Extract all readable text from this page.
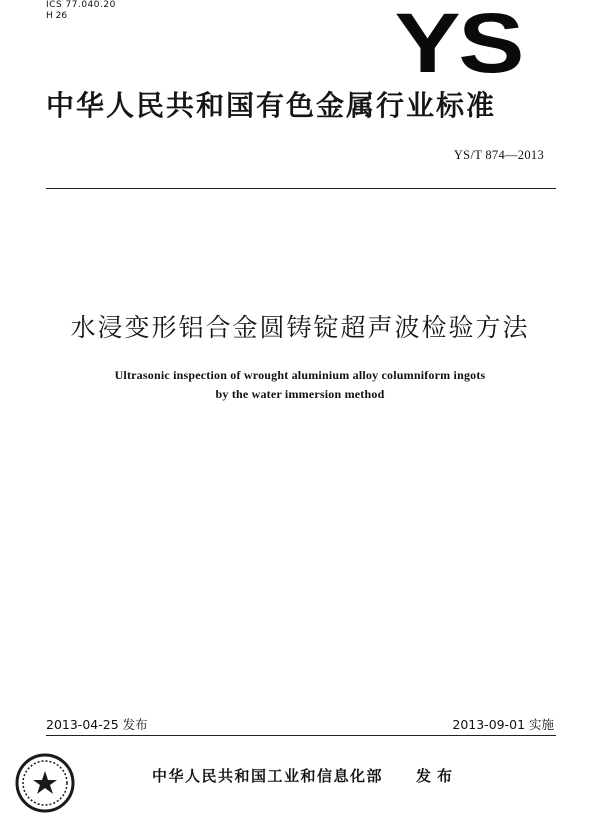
ICS 77.040.20
H 26	YS
中华人民共和国有色金属行业标准
YS/T 874—2013
水浸变形铝合金圆铸锭超声波检验方法
Ultrasonic inspection of wrought aluminium alloy columniform ingots
by the water immersion method
2013-04-25 发布	2013-09-01 实施
中华人民共和国工业和信息化部 发布
